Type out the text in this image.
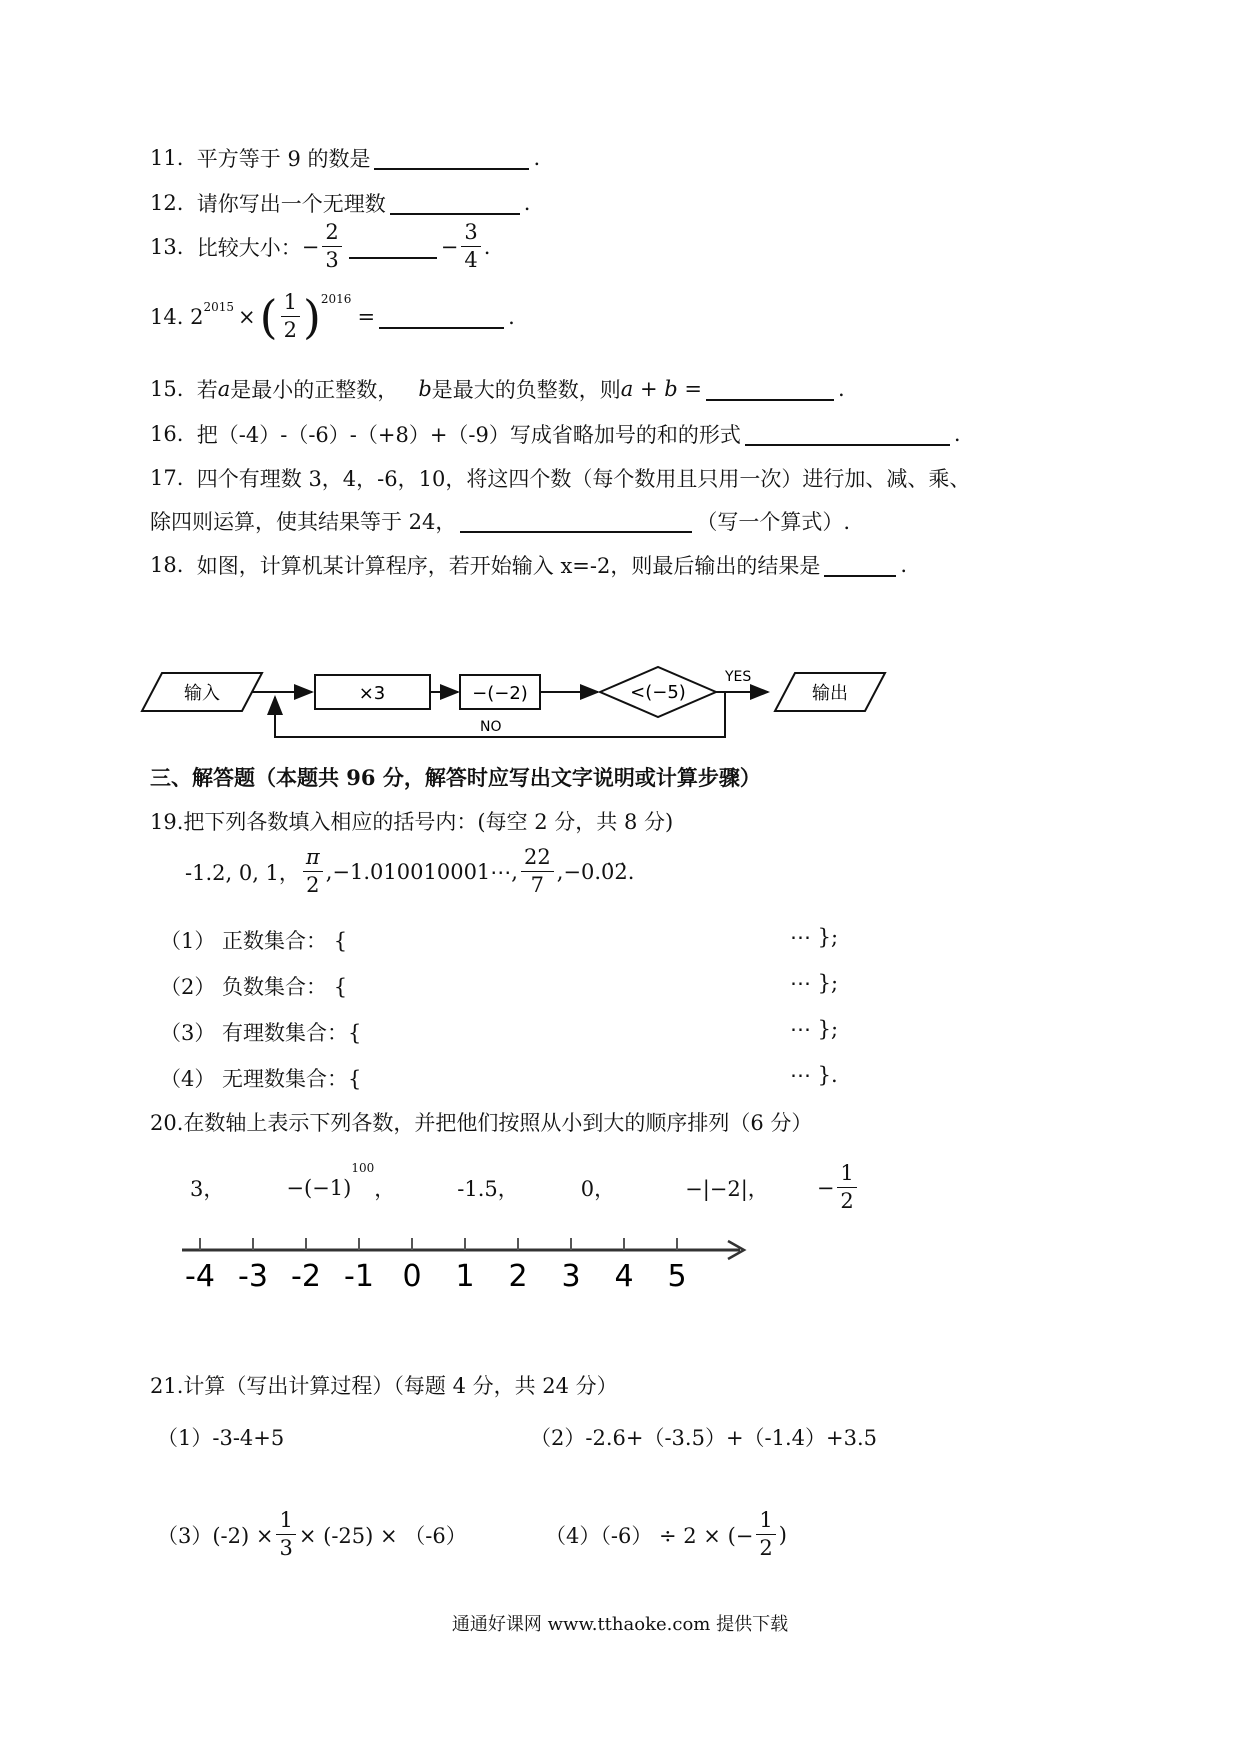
11.
平方等于 9 的数是	.
12.
请你写出一个无理数	.
13.
比较大小： − $\frac{2}{3}$	− $\frac{3}{4}$ .
14.
$2^{2015}$ × ( $\frac{1}{2} )^{2016}$
=	.
15.
若 a 是最小的正整数，
b 是最大的负整数，则 a + b =	.
16.
把（-4）-（-6）-（+8）+（-9）写成省略加号的和的形式	.
17.
四个有理数 3，4，-6，10，将这四个数（每个数用且只用一次）进行加、减、乘、
除四则运算，使其结果等于 24，	（写一个算式）.
18.
如图，计算机某计算程序，若开始输入 x=-2，则最后输出的结果是	.
输入	×3	−(−2)	<(−5)
YES
输出
NO
三、解答题（本题共 96 分，解答时应写出文字说明或计算步骤）
19.把下列各数填入相应的括号内：(每空 2 分，共 8 分)
-1.2, 0, 1， $\frac{\pi}{2}$ ,−1.010010001⋯, $\frac{22}{7}$ ,−0.0̇2̇.
（1） 正数集合： {	⋯ };
（2） 负数集合： {	⋯ };
（3） 有理数集合：{	⋯ };
（4） 无理数集合：{	⋯ }.
20.在数轴上表示下列各数，并把他们按照从小到大的顺序排列（6 分）
3，	−(−1)
100
，	-1.5，	0，	−|−2|， − $\frac{1}{2}$
-4 -3 -2 -1 0 1 2 3 4 5
21.计算（写出计算过程）（每题 4 分，共 24 分）
（1）-3-4+5	（2）-2.6+（-3.5）+（-1.4）+3.5
$(3)(-2) \times \frac{1}{3} \times (-25) \times (-6)$	（4）（-6） ÷ 2 × (− $\frac{1}{2}$ )
通通好课网 www.tthaoke.com 提供下载
